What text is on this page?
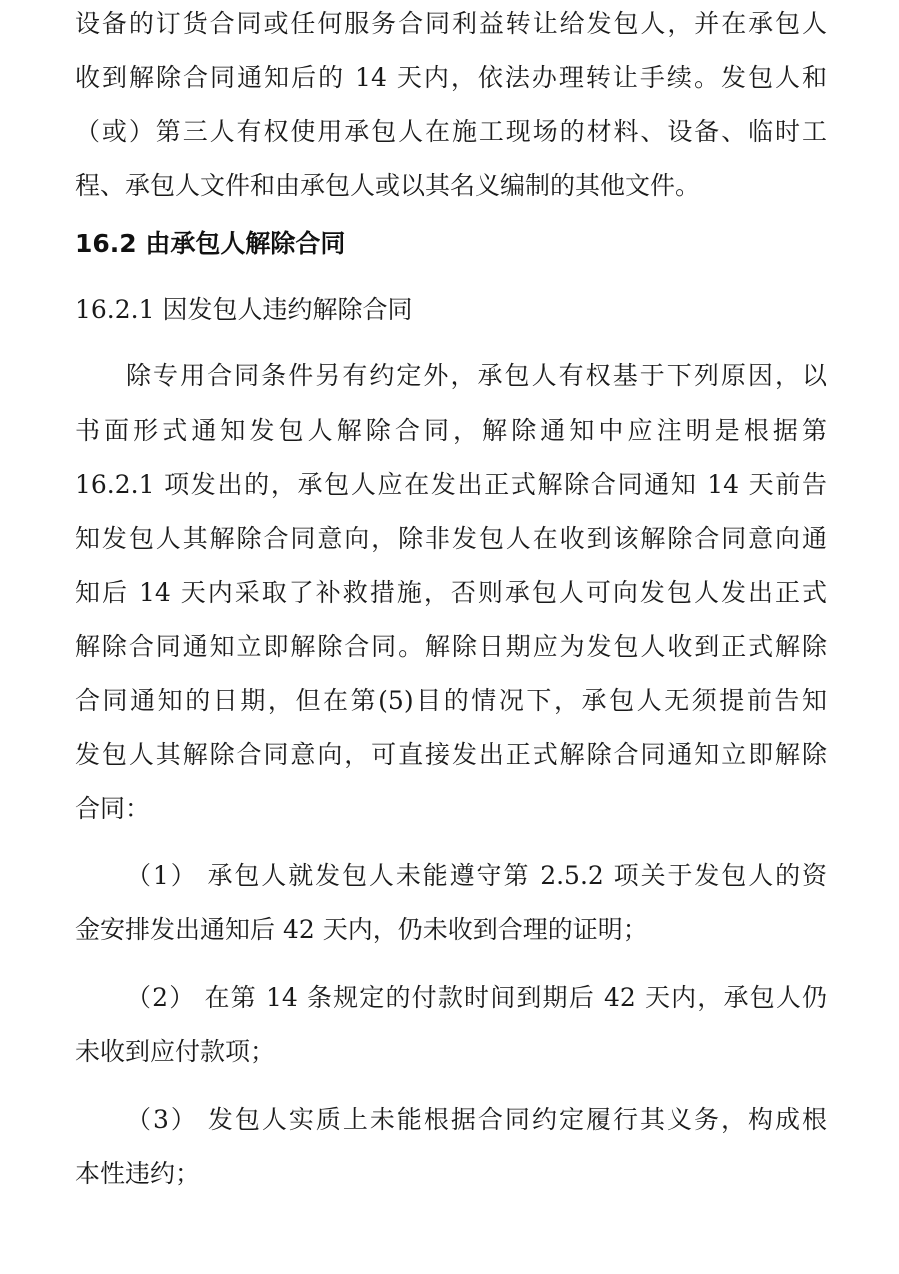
设备的订货合同或任何服务合同利益转让给发包人，并在承包人
收到解除合同通知后的 14 天内，依法办理转让手续。发包人和
（或）第三人有权使用承包人在施工现场的材料、设备、临时工
程、承包人文件和由承包人或以其名义编制的其他文件。
16.2 由承包人解除合同
16.2.1 因发包人违约解除合同
除专用合同条件另有约定外，承包人有权基于下列原因，以
书面形式通知发包人解除合同，解除通知中应注明是根据第
16.2.1 项发出的，承包人应在发出正式解除合同通知 14 天前告
知发包人其解除合同意向，除非发包人在收到该解除合同意向通
知后 14 天内采取了补救措施，否则承包人可向发包人发出正式
解除合同通知立即解除合同。解除日期应为发包人收到正式解除
合同通知的日期，但在第(5)目的情况下，承包人无须提前告知
发包人其解除合同意向，可直接发出正式解除合同通知立即解除
合同：
（1） 承包人就发包人未能遵守第 2.5.2 项关于发包人的资
金安排发出通知后 42 天内，仍未收到合理的证明；
（2） 在第 14 条规定的付款时间到期后 42 天内，承包人仍
未收到应付款项；
（3） 发包人实质上未能根据合同约定履行其义务，构成根
本性违约；
